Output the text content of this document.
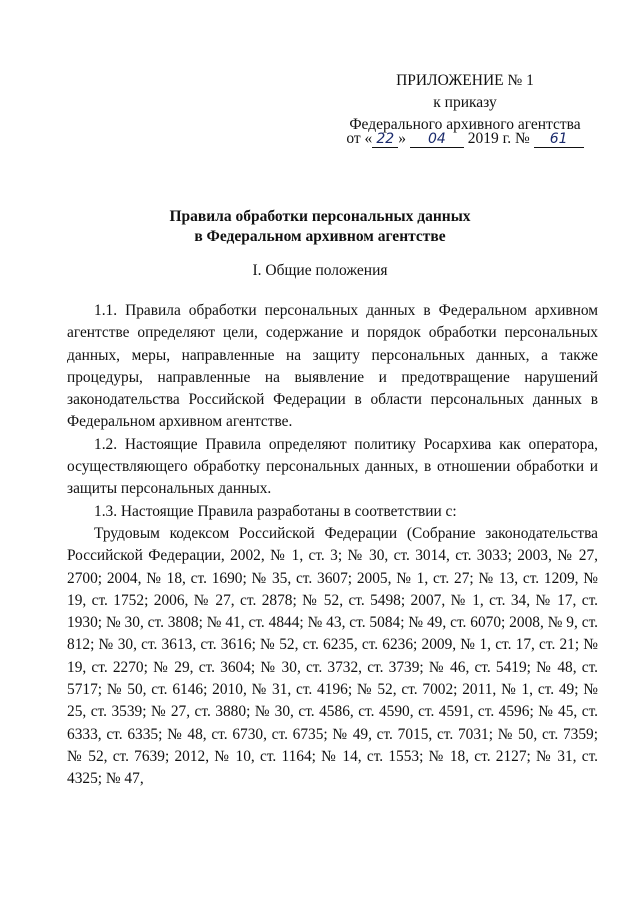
ПРИЛОЖЕНИЕ № 1
к приказу
Федерального архивного агентства
от « 22 » 04 2019 г. № 61
Правила обработки персональных данных
в Федеральном архивном агентстве
I. Общие положения

1.1. Правила обработки персональных данных в Федеральном архивном агентстве определяют цели, содержание и порядок обработки персональных данных, меры, направленные на защиту персональных данных, а также процедуры, направленные на выявление и предотвращение нарушений законодательства Российской Федерации в области персональных данных в Федеральном архивном агентстве.

1.2. Настоящие Правила определяют политику Росархива как оператора, осуществляющего обработку персональных данных, в отношении обработки и защиты персональных данных.

1.3. Настоящие Правила разработаны в соответствии с:

Трудовым кодексом Российской Федерации (Собрание законодательства Российской Федерации, 2002, № 1, ст. 3; № 30, ст. 3014, ст. 3033; 2003, № 27, 2700; 2004, № 18, ст. 1690; № 35, ст. 3607; 2005, № 1, ст. 27; № 13, ст. 1209, № 19, ст. 1752; 2006, № 27, ст. 2878; № 52, ст. 5498; 2007, № 1, ст. 34, № 17, ст. 1930; № 30, ст. 3808; № 41, ст. 4844; № 43, ст. 5084; № 49, ст. 6070; 2008, № 9, ст. 812; № 30, ст. 3613, ст. 3616; № 52, ст. 6235, ст. 6236; 2009, № 1, ст. 17, ст. 21; № 19, ст. 2270; № 29, ст. 3604; № 30, ст. 3732, ст. 3739; № 46, ст. 5419; № 48, ст. 5717; № 50, ст. 6146; 2010, № 31, ст. 4196; № 52, ст. 7002; 2011, № 1, ст. 49; № 25, ст. 3539; № 27, ст. 3880; № 30, ст. 4586, ст. 4590, ст. 4591, ст. 4596; № 45, ст. 6333, ст. 6335; № 48, ст. 6730, ст. 6735; № 49, ст. 7015, ст. 7031; № 50, ст. 7359; № 52, ст. 7639; 2012, № 10, ст. 1164; № 14, ст. 1553; № 18, ст. 2127; № 31, ст. 4325; № 47,
